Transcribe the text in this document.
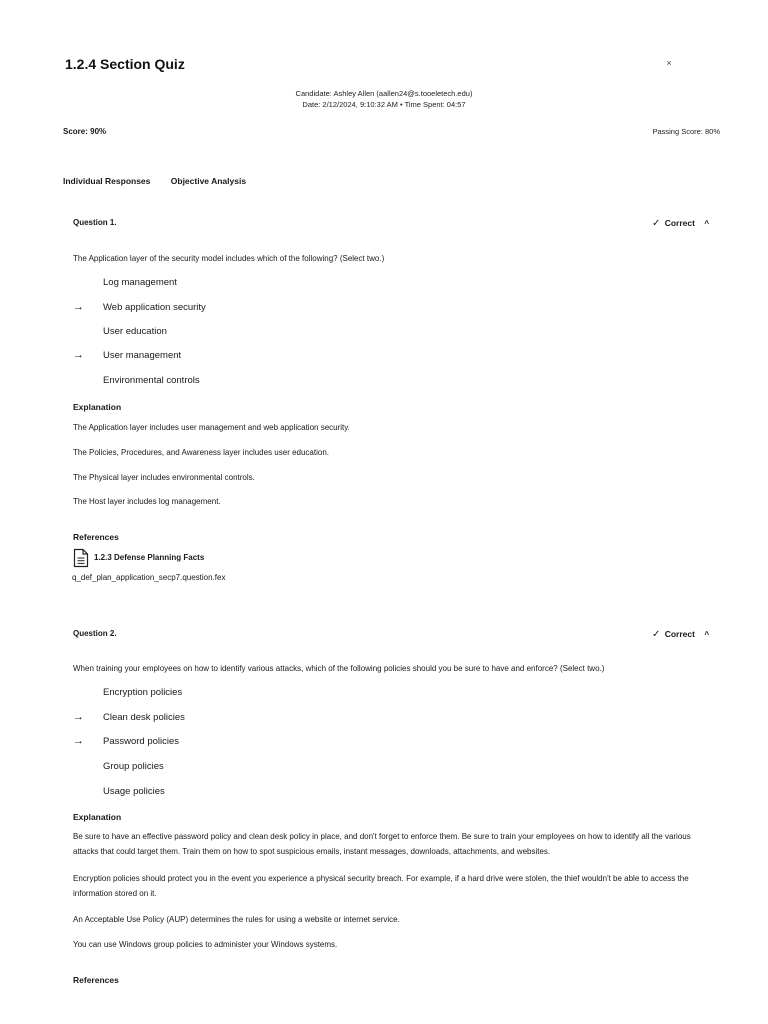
1.2.4 Section Quiz	×
Candidate: Ashley Allen (aallen24@s.tooeletech.edu)
Date: 2/12/2024, 9:10:32 AM • Time Spent: 04:57
Score: 90%	Passing Score: 80%
Individual Responses Objective Analysis
Question 1.	✓ Correct ^
The Application layer of the security model includes which of the following? (Select two.)
Log management
→ Web application security
User education
→ User management
Environmental controls
Explanation
The Application layer includes user management and web application security.
The Policies, Procedures, and Awareness layer includes user education.
The Physical layer includes environmental controls.
The Host layer includes log management.
References
1.2.3 Defense Planning Facts
q_def_plan_application_secp7.question.fex
Question 2.	✓ Correct ^
When training your employees on how to identify various attacks, which of the following policies should you be sure to have and enforce? (Select two.)
Encryption policies
→ Clean desk policies
→ Password policies
Group policies
Usage policies
Explanation
Be sure to have an effective password policy and clean desk policy in place, and don't forget to enforce them. Be sure to train your employees on how to identify all the various attacks that could target them. Train them on how to spot suspicious emails, instant messages, downloads, attachments, and websites.
Encryption policies should protect you in the event you experience a physical security breach. For example, if a hard drive were stolen, the thief wouldn't be able to access the information stored on it.
An Acceptable Use Policy (AUP) determines the rules for using a website or internet service.
You can use Windows group policies to administer your Windows systems.
References
